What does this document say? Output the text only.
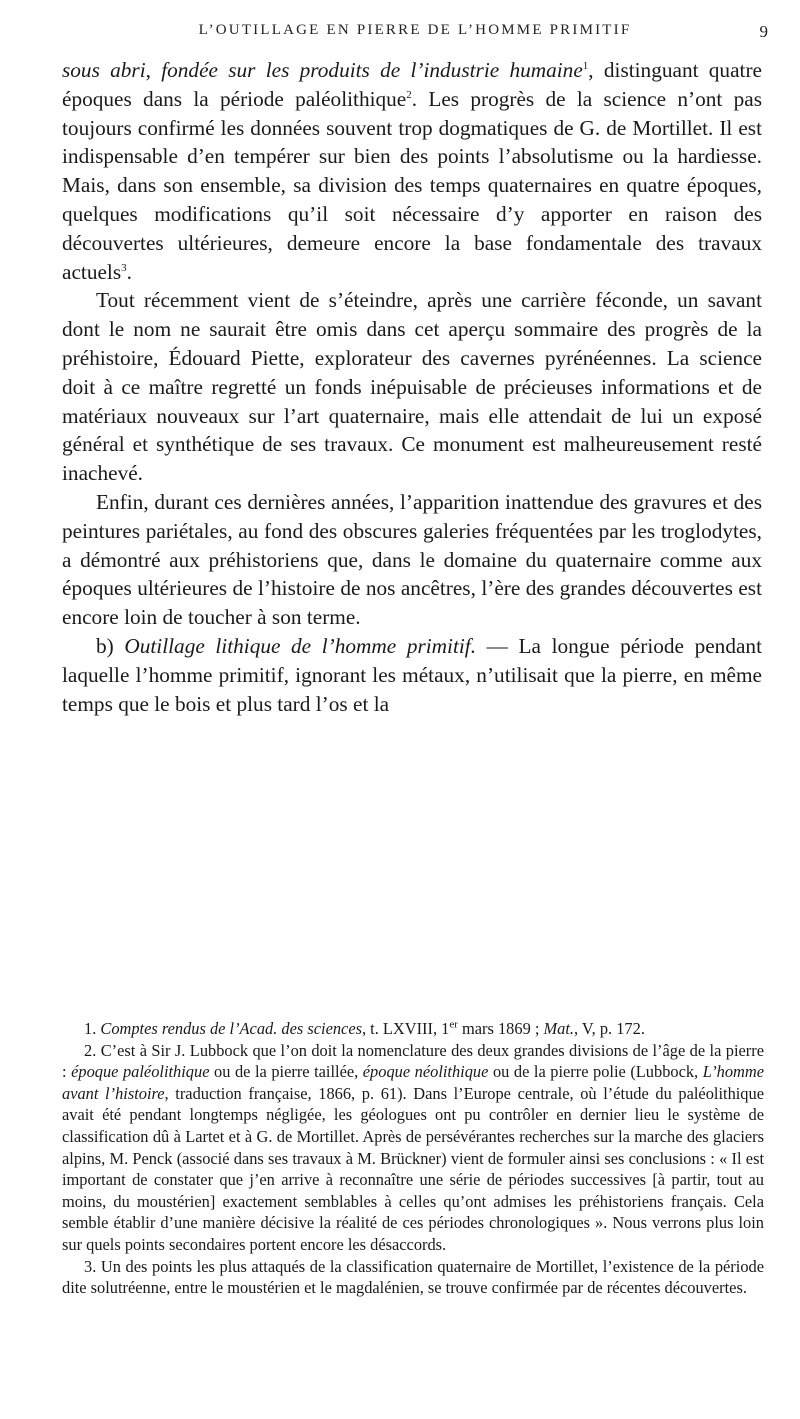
L’OUTILLAGE EN PIERRE DE L’HOMME PRIMITIF	9

sous abri, fondée sur les produits de l’industrie humaine$^1$, distinguant quatre époques dans la période paléolithique$^2$. Les progrès de la science n’ont pas toujours confirmé les données souvent trop dogmatiques de G. de Mortillet. Il est indispensable d’en tempérer sur bien des points l’absolutisme ou la hardiesse. Mais, dans son ensemble, sa division des temps quaternaires en quatre époques, quelques modifications qu’il soit nécessaire d’y apporter en raison des découvertes ultérieures, demeure encore la base fondamentale des travaux actuels$^3$.

Tout récemment vient de s’éteindre, après une carrière féconde, un savant dont le nom ne saurait être omis dans cet aperçu sommaire des progrès de la préhistoire, Édouard Piette, explorateur des cavernes pyrénéennes. La science doit à ce maître regretté un fonds inépuisable de précieuses informations et de matériaux nouveaux sur l’art quaternaire, mais elle attendait de lui un exposé général et synthétique de ses travaux. Ce monument est malheureusement resté inachevé.

Enfin, durant ces dernières années, l’apparition inattendue des gravures et des peintures pariétales, au fond des obscures galeries fréquentées par les troglodytes, a démontré aux préhistoriens que, dans le domaine du quaternaire comme aux époques ultérieures de l’histoire de nos ancêtres, l’ère des grandes découvertes est encore loin de toucher à son terme.

b) Outillage lithique de l’homme primitif. — La longue période pendant laquelle l’homme primitif, ignorant les métaux, n’utilisait que la pierre, en même temps que le bois et plus tard l’os et la

1. Comptes rendus de l’Acad. des sciences, t. LXVIII, 1er mars 1869 ; Mat., V, p. 172.

2. C’est à Sir J. Lubbock que l’on doit la nomenclature des deux grandes divisions de l’âge de la pierre : époque paléolithique ou de la pierre taillée, époque néolithique ou de la pierre polie (Lubbock, L’homme avant l’histoire, traduction française, 1866, p. 61). Dans l’Europe centrale, où l’étude du paléolithique avait été pendant longtemps négligée, les géologues ont pu contrôler en dernier lieu le système de classification dû à Lartet et à G. de Mortillet. Après de persévérantes recherches sur la marche des glaciers alpins, M. Penck (associé dans ses travaux à M. Brückner) vient de formuler ainsi ses conclusions : « Il est important de constater que j’en arrive à reconnaître une série de périodes successives [à partir, tout au moins, du moustérien] exactement semblables à celles qu’ont admises les préhistoriens français. Cela semble établir d’une manière décisive la réalité de ces périodes chronologiques ». Nous verrons plus loin sur quels points secondaires portent encore les désaccords.

3. Un des points les plus attaqués de la classification quaternaire de Mortillet, l’existence de la période dite solutréenne, entre le moustérien et le magdalénien, se trouve confirmée par de récentes découvertes.
